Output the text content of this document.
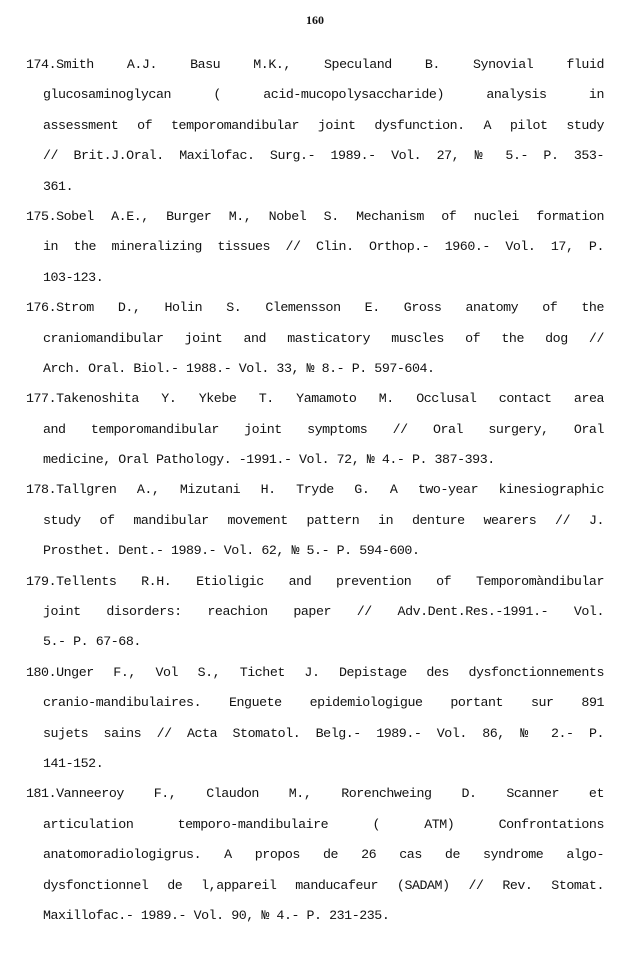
160
174.Smith A.J. Basu M.K., Speculand B. Synovial fluid
glucosaminoglycan ( acid-mucopolysaccharide) analysis in
assessment of temporomandibular joint dysfunction. A pilot study
// Brit.J.Oral. Maxilofac. Surg.- 1989.- Vol. 27, № 5.- P. 353-
361.
175.Sobel A.E., Burger M., Nobel S. Mechanism of nuclei formation
in the mineralizing tissues // Clin. Orthop.- 1960.- Vol. 17, P.
103-123.
176.Strom D., Holin S. Clemensson E. Gross anatomy of the
craniomandibular joint and masticatory muscles of the dog //
Arch. Oral. Biol.- 1988.- Vol. 33, № 8.- P. 597-604.
177.Takenoshita Y. Ykebe T. Yamamoto M. Occlusal contact area
and temporomandibular joint symptoms // Oral surgery, Oral
medicine, Oral Pathology. -1991.- Vol. 72, № 4.- P. 387-393.
178.Tallgren A., Mizutani H. Tryde G. A two-year kinesiographic
study of mandibular movement pattern in denture wearers // J.
Prosthet. Dent.- 1989.- Vol. 62, № 5.- P. 594-600.
179.Tellents R.H. Etioligic and prevention of Temporomàndibular
joint disorders: reachion paper // Adv.Dent.Res.-1991.- Vol.
5.- P. 67-68.
180.Unger F., Vol S., Tichet J. Depistage des dysfonctionnements
cranio-mandibulaires. Enguete epidemiologigue portant sur 891
sujets sains // Acta Stomatol. Belg.- 1989.- Vol. 86, № 2.- P.
141-152.
181.Vanneeroy F., Claudon M., Rorenchweing D. Scanner et
articulation temporo-mandibulaire ( ATM) Confrontations
anatomoradiologigrus. A propos de 26 cas de syndrome algo-
dysfonctionnel de l,appareil manducafeur (SADAM) // Rev. Stomat.
Maxillofac.- 1989.- Vol. 90, № 4.- P. 231-235.
